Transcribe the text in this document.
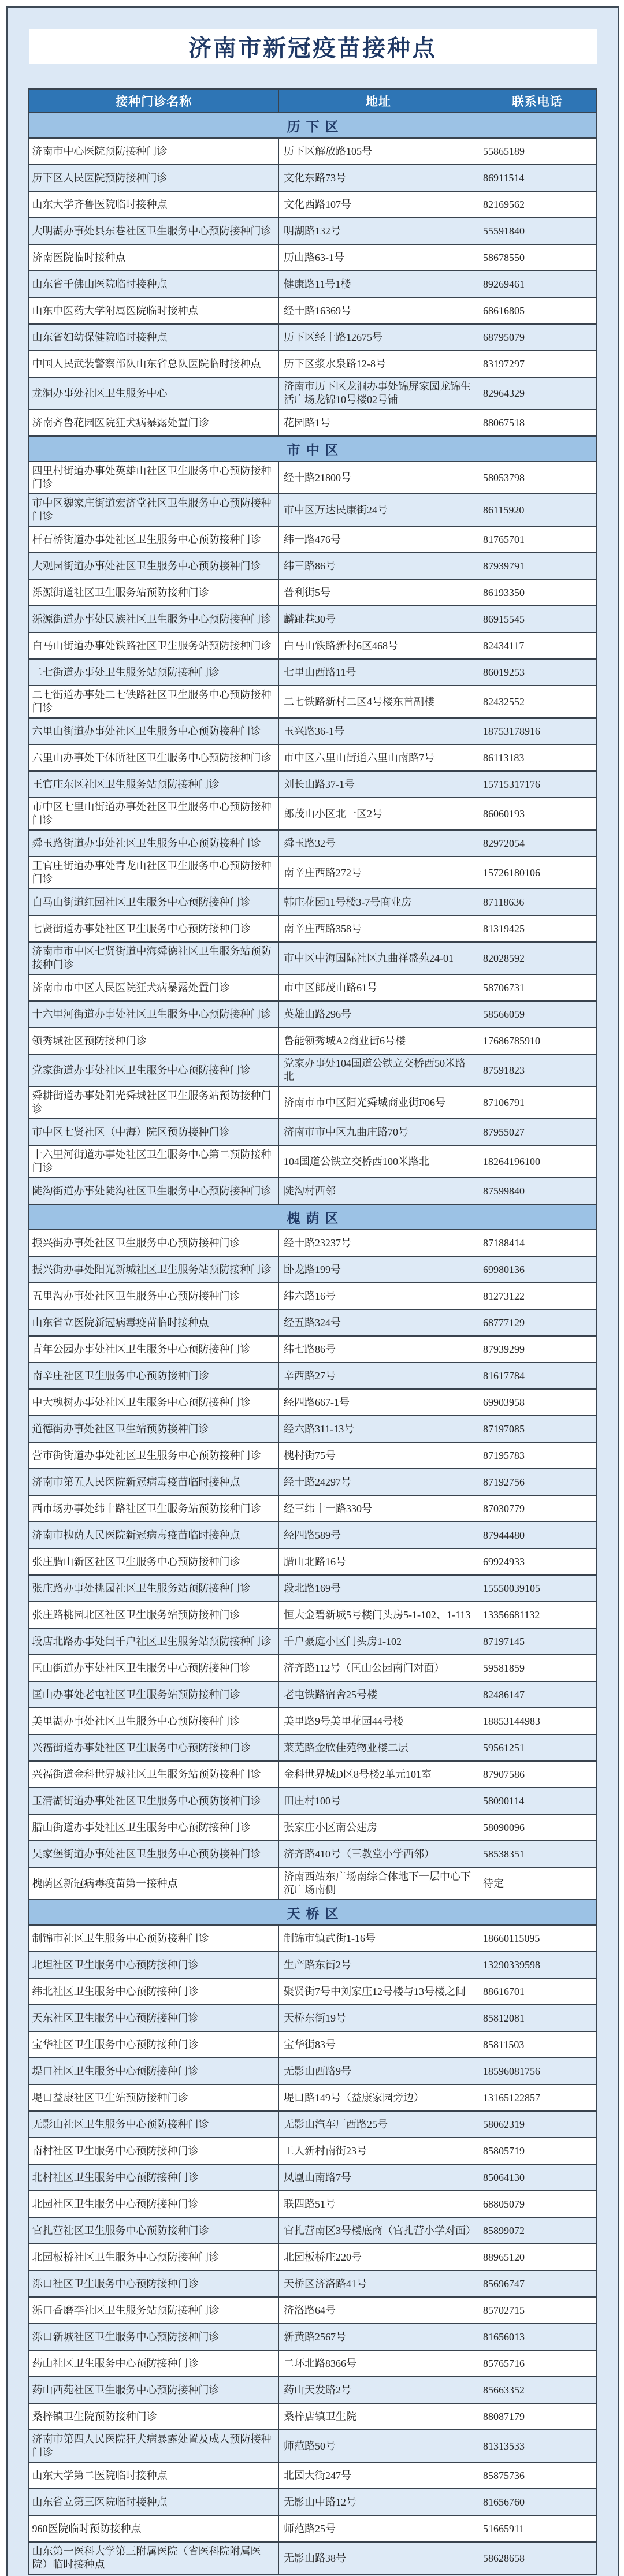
济南市新冠疫苗接种点
接种门诊名称	地址	联系电话
历下区		
济南市中心医院预防接种门诊	历下区解放路105号	55865189
历下区人民医院预防接种门诊	文化东路73号	86911514
山东大学齐鲁医院临时接种点	文化西路107号	82169562
大明湖办事处县东巷社区卫生服务中心预防接种门诊	明湖路132号	55591840
济南医院临时接种点	历山路63-1号	58678550
山东省千佛山医院临时接种点	健康路11号1楼	89269461
山东中医药大学附属医院临时接种点	经十路16369号	68616805
山东省妇幼保健院临时接种点	历下区经十路12675号	68795079
中国人民武装警察部队山东省总队医院临时接种点	历下区浆水泉路12-8号	83197297
龙洞办事处社区卫生服务中心	济南市历下区龙洞办事处锦屏家园龙锦生活广场龙锦10号楼02号铺	82964329
济南齐鲁花园医院狂犬病暴露处置门诊	花园路1号	88067518
市中区		
四里村街道办事处英雄山社区卫生服务中心预防接种门诊	经十路21800号	58053798
市中区魏家庄街道宏济堂社区卫生服务中心预防接种门诊	市中区万达民康街24号	86115920
杆石桥街道办事处社区卫生服务中心预防接种门诊	纬一路476号	81765701
大观园街道办事处社区卫生服务中心预防接种门诊	纬三路86号	87939791
泺源街道社区卫生服务站预防接种门诊	普利街5号	86193350
泺源街道办事处民族社区卫生服务中心预防接种门诊	麟趾巷30号	86915545
白马山街道办事处铁路社区卫生服务站预防接种门诊	白马山铁路新村6区468号	82434117
二七街道办事处卫生服务站预防接种门诊	七里山西路11号	86019253
二七街道办事处二七铁路社区卫生服务中心预防接种门诊	二七铁路新村二区4号楼东首副楼	82432552
六里山街道办事处社区卫生服务中心预防接种门诊	玉兴路36-1号	18753178916
六里山办事处干休所社区卫生服务中心预防接种门诊	市中区六里山街道六里山南路7号	86113183
王官庄东区社区卫生服务站预防接种门诊	刘长山路37-1号	15715317176
市中区七里山街道办事处社区卫生服务中心预防接种门诊	郎茂山小区北一区2号	86060193
舜玉路街道办事处社区卫生服务中心预防接种门诊	舜玉路32号	82972054
王官庄街道办事处青龙山社区卫生服务中心预防接种门诊	南辛庄西路272号	15726180106
白马山街道红园社区卫生服务中心预防接种门诊	韩庄花园11号楼3-7号商业房	87118636
七贤街道办事处社区卫生服务中心预防接种门诊	南辛庄西路358号	81319425
济南市市中区七贤街道中海舜德社区卫生服务站预防接种门诊	市中区中海国际社区九曲祥盛苑24-01	82028592
济南市市中区人民医院狂犬病暴露处置门诊	市中区郎茂山路61号	58706731
十六里河街道办事处社区卫生服务中心预防接种门诊	英雄山路296号	58566059
领秀城社区预防接种门诊	鲁能领秀城A2商业街6号楼	17686785910
党家街道办事处社区卫生服务中心预防接种门诊	党家办事处104国道公铁立交桥西50米路北	87591823
舜耕街道办事处阳光舜城社区卫生服务站预防接种门诊	济南市市中区阳光舜城商业街F06号	87106791
市中区七贤社区（中海）院区预防接种门诊	济南市市中区九曲庄路70号	87955027
十六里河街道办事处社区卫生服务中心第二预防接种门诊	104国道公铁立交桥西100米路北	18264196100
陡沟街道办事处陡沟社区卫生服务中心预防接种门诊	陡沟村西邻	87599840
槐荫区		
振兴街办事处社区卫生服务中心预防接种门诊	经十路23237号	87188414
振兴街办事处阳光新城社区卫生服务站预防接种门诊	卧龙路199号	69980136
五里沟办事处社区卫生服务中心预防接种门诊	纬六路16号	81273122
山东省立医院新冠病毒疫苗临时接种点	经五路324号	68777129
青年公园办事处社区卫生服务中心预防接种门诊	纬七路86号	87939299
南辛庄社区卫生服务中心预防接种门诊	辛西路27号	81617784
中大槐树办事处社区卫生服务中心预防接种门诊	经四路667-1号	69903958
道德街办事处社区卫生站预防接种门诊	经六路311-13号	87197085
营市街街道办事处社区卫生服务中心预防接种门诊	槐村街75号	87195783
济南市第五人民医院新冠病毒疫苗临时接种点	经十路24297号	87192756
西市场办事处纬十路社区卫生服务站预防接种门诊	经三纬十一路330号	87030779
济南市槐荫人民医院新冠病毒疫苗临时接种点	经四路589号	87944480
张庄腊山新区社区卫生服务中心预防接种门诊	腊山北路16号	69924933
张庄路办事处桃园社区卫生服务站预防接种门诊	段北路169号	15550039105
张庄路桃园北区社区卫生服务站预防接种门诊	恒大金碧新城5号楼门头房5-1-102、1-113	13356681132
段店北路办事处闫千户社区卫生服务站预防接种门诊	千户豪庭小区门头房1-102	87197145
匡山街道办事处社区卫生服务中心预防接种门诊	济齐路112号（匡山公园南门对面）	59581859
匡山办事处老屯社区卫生服务站预防接种门诊	老屯铁路宿舍25号楼	82486147
美里湖办事处社区卫生服务中心预防接种门诊	美里路9号美里花园44号楼	18853144983
兴福街道办事处社区卫生服务中心预防接种门诊	莱芜路金欣佳苑物业楼二层	59561251
兴福街道金科世界城社区卫生服务站预防接种门诊	金科世界城D区8号楼2单元101室	87907586
玉清湖街道办事处社区卫生服务中心预防接种门诊	田庄村100号	58090114
腊山街道办事处社区卫生服务中心预防接种门诊	张家庄小区南公建房	58090096
吴家堡街道办事处社区卫生服务中心预防接种门诊	济齐路410号（三教堂小学西邻）	58538351
槐荫区新冠病毒疫苗第一接种点	济南西站东广场南综合体地下一层中心下沉广场南侧	待定
天桥区		
制锦市社区卫生服务中心预防接种门诊	制锦市镇武街1-16号	18660115095
北坦社区卫生服务中心预防接种门诊	生产路东街2号	13290339598
纬北社区卫生服务中心预防接种门诊	聚贤街7号中刘家庄12号楼与13号楼之间	88616701
天东社区卫生服务中心预防接种门诊	天桥东街19号	85812081
宝华社区卫生服务中心预防接种门诊	宝华街83号	85811503
堤口社区卫生服务中心预防接种门诊	无影山西路9号	18596081756
堤口益康社区卫生站预防接种门诊	堤口路149号（益康家园旁边）	13165122857
无影山社区卫生服务中心预防接种门诊	无影山汽车厂西路25号	58062319
南村社区卫生服务中心预防接种门诊	工人新村南街23号	85805719
北村社区卫生服务中心预防接种门诊	凤凰山南路7号	85064130
北园社区卫生服务中心预防接种门诊	联四路51号	68805079
官扎营社区卫生服务中心预防接种门诊	官扎营南区3号楼底商（官扎营小学对面）	85899072
北园板桥社区卫生服务中心预防接种门诊	北园板桥庄220号	88965120
泺口社区卫生服务中心预防接种门诊	天桥区济洛路41号	85696747
泺口香磨李社区卫生服务站预防接种门诊	济洛路64号	85702715
泺口新城社区卫生服务中心预防接种门诊	新黄路2567号	81656013
药山社区卫生服务中心预防接种门诊	二环北路8366号	85765716
药山西苑社区卫生服务中心预防接种门诊	药山天发路2号	85663352
桑梓镇卫生院预防接种门诊	桑梓店镇卫生院	88087179
济南市第四人民医院狂犬病暴露处置及成人预防接种门诊	师范路50号	81313533
山东大学第二医院临时接种点	北园大街247号	85875736
山东省立第三医院临时接种点	无影山中路12号	81656760
960医院临时预防接种点	师范路25号	51665911
山东第一医科大学第三附属医院（省医科院附属医院）临时接种点	无影山路38号	58628658
